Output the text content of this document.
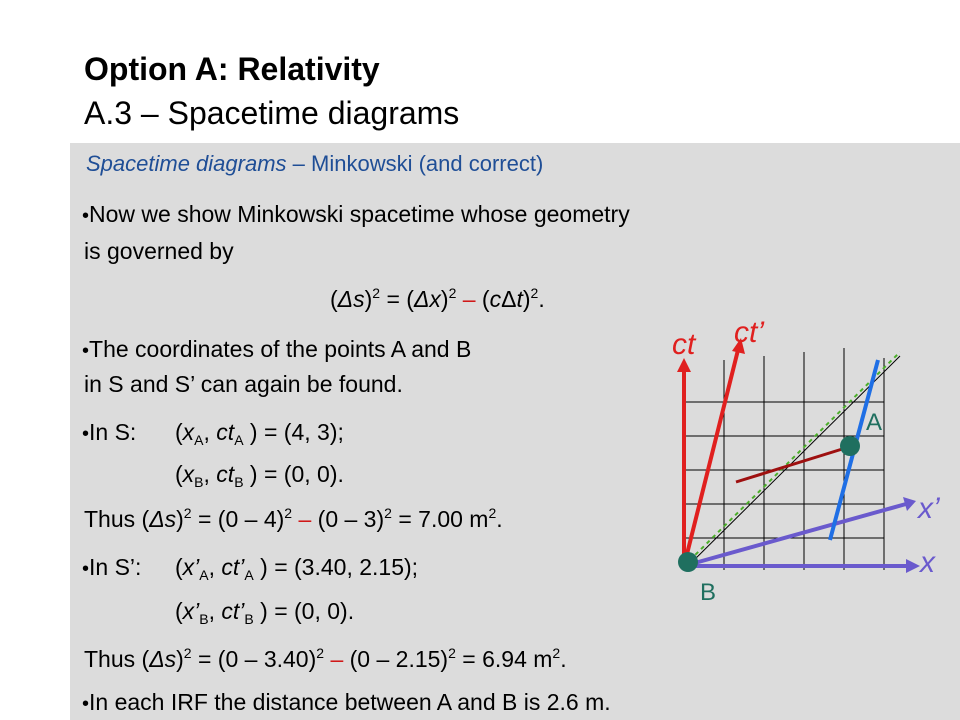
Option A: Relativity
A.3 – Spacetime diagrams
Spacetime diagrams – Minkowski (and correct)
•Now we show Minkowski spacetime whose geometry
is governed by
$(\Delta s)^2 = (\Delta x)^2 - (c\Delta t)^2$.
•The coordinates of the points A and B
in S and S’ can again be found.
•In S: ($x_A$, $ct_A$ ) = (4, 3);
($x_B$, $ct_B$ ) = (0, 0).
Thus $(\Delta s)^2 = (0 - 4)^2 - (0 - 3)^2 = 7.00$ $m^2$.
•In S’: ($x’_A$, $ct’_A$ ) = (3.40, 2.15);
($x’_B$, $ct’_B$ ) = (0, 0).
Thus $(\Delta s)^2 = (0 - 3.40)^2 - (0 - 2.15)^2 = 6.94$ $m^2$.
•In each IRF the distance between A and B is 2.6 m.
ct ct’
x
x’
A
B
